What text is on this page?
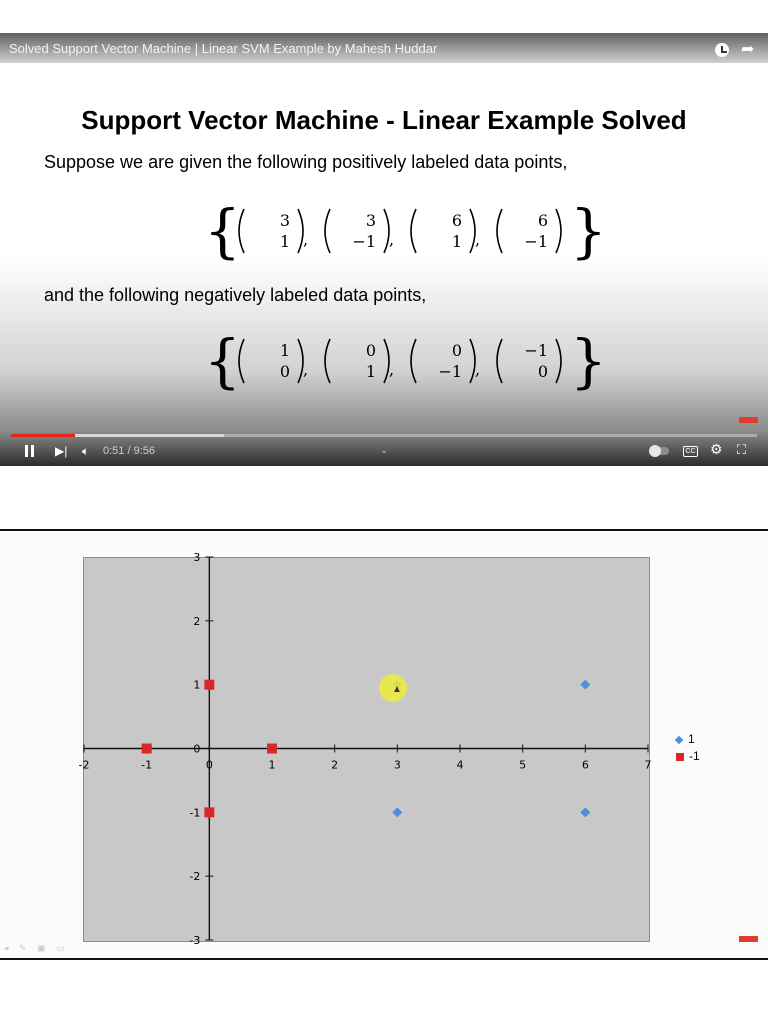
Support Vector Machine - Linear Example Solved
Suppose we are given the following positively labeled data points,
{	}
3
1 ,
3
−1 ,
6
1 ,
6
−1
and the following negatively labeled data points,
{	}
1
0 ,
0
1 ,
0
−1 ,
−1
0
Solved Support Vector Machine | Linear SVM Example by Mahesh Huddar	➦
▶| 🔈︎ 0:51 / 9:56	⌄	CC ⚙ ⛶
-2	-1	0	1	2	3	4	5	6	7
-3
-2
-1
0
1
2
3
▲
1
-1
◂ ✎ ▣ ▭
